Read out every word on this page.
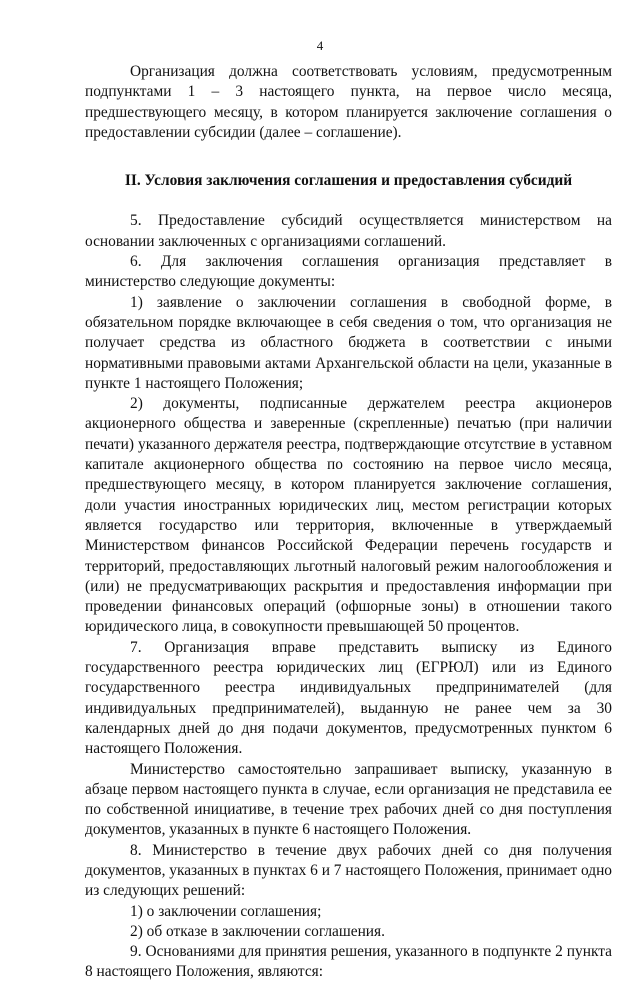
4

Организация должна соответствовать условиям, предусмотренным подпунктами 1 – 3 настоящего пункта, на первое число месяца, предшествующего месяцу, в котором планируется заключение соглашения о предоставлении субсидии (далее – соглашение).

II. Условия заключения соглашения и предоставления субсидий

5. Предоставление субсидий осуществляется министерством на основании заключенных с организациями соглашений.

6. Для заключения соглашения организация представляет в министерство следующие документы:

1) заявление о заключении соглашения в свободной форме, в обязательном порядке включающее в себя сведения о том, что организация не получает средства из областного бюджета в соответствии с иными нормативными правовыми актами Архангельской области на цели, указанные в пункте 1 настоящего Положения;

2) документы, подписанные держателем реестра акционеров акционерного общества и заверенные (скрепленные) печатью (при наличии печати) указанного держателя реестра, подтверждающие отсутствие в уставном капитале акционерного общества по состоянию на первое число месяца, предшествующего месяцу, в котором планируется заключение соглашения, доли участия иностранных юридических лиц, местом регистрации которых является государство или территория, включенные в утверждаемый Министерством финансов Российской Федерации перечень государств и территорий, предоставляющих льготный налоговый режим налогообложения и (или) не предусматривающих раскрытия и предоставления информации при проведении финансовых операций (офшорные зоны) в отношении такого юридического лица, в совокупности превышающей 50 процентов.

7. Организация вправе представить выписку из Единого государственного реестра юридических лиц (ЕГРЮЛ) или из Единого государственного реестра индивидуальных предпринимателей (для индивидуальных предпринимателей), выданную не ранее чем за 30 календарных дней до дня подачи документов, предусмотренных пунктом 6 настоящего Положения.

Министерство самостоятельно запрашивает выписку, указанную в абзаце первом настоящего пункта в случае, если организация не представила ее по собственной инициативе, в течение трех рабочих дней со дня поступления документов, указанных в пункте 6 настоящего Положения.

8. Министерство в течение двух рабочих дней со дня получения документов, указанных в пунктах 6 и 7 настоящего Положения, принимает одно из следующих решений:

1) о заключении соглашения;

2) об отказе в заключении соглашения.

9. Основаниями для принятия решения, указанного в подпункте 2 пункта 8 настоящего Положения, являются:
